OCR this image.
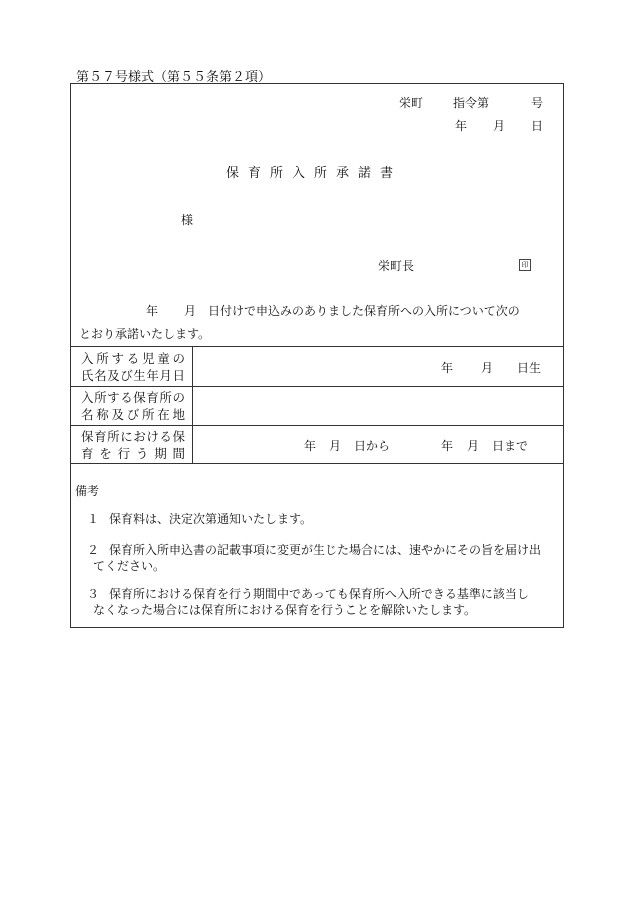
第５７号様式（第５５条第２項）
栄町 指令第	号
年 月 日
保育所入所承諾書
様
栄町長	印
年 月 日付けで申込みのありました保育所への入所について次の
とおり承諾いたします。
入所する児童の
氏名及び生年月日	年 月 日生
入所する保育所の
名称及び所在地
保育所における保
育を行う期間	年 月 日から	年 月 日まで
備考
１ 保育料は、決定次第通知いたします。
２ 保育所入所申込書の記載事項に変更が生じた場合には、速やかにその旨を届け出
てください。
３ 保育所における保育を行う期間中であっても保育所へ入所できる基準に該当し
なくなった場合には保育所における保育を行うことを解除いたします。
